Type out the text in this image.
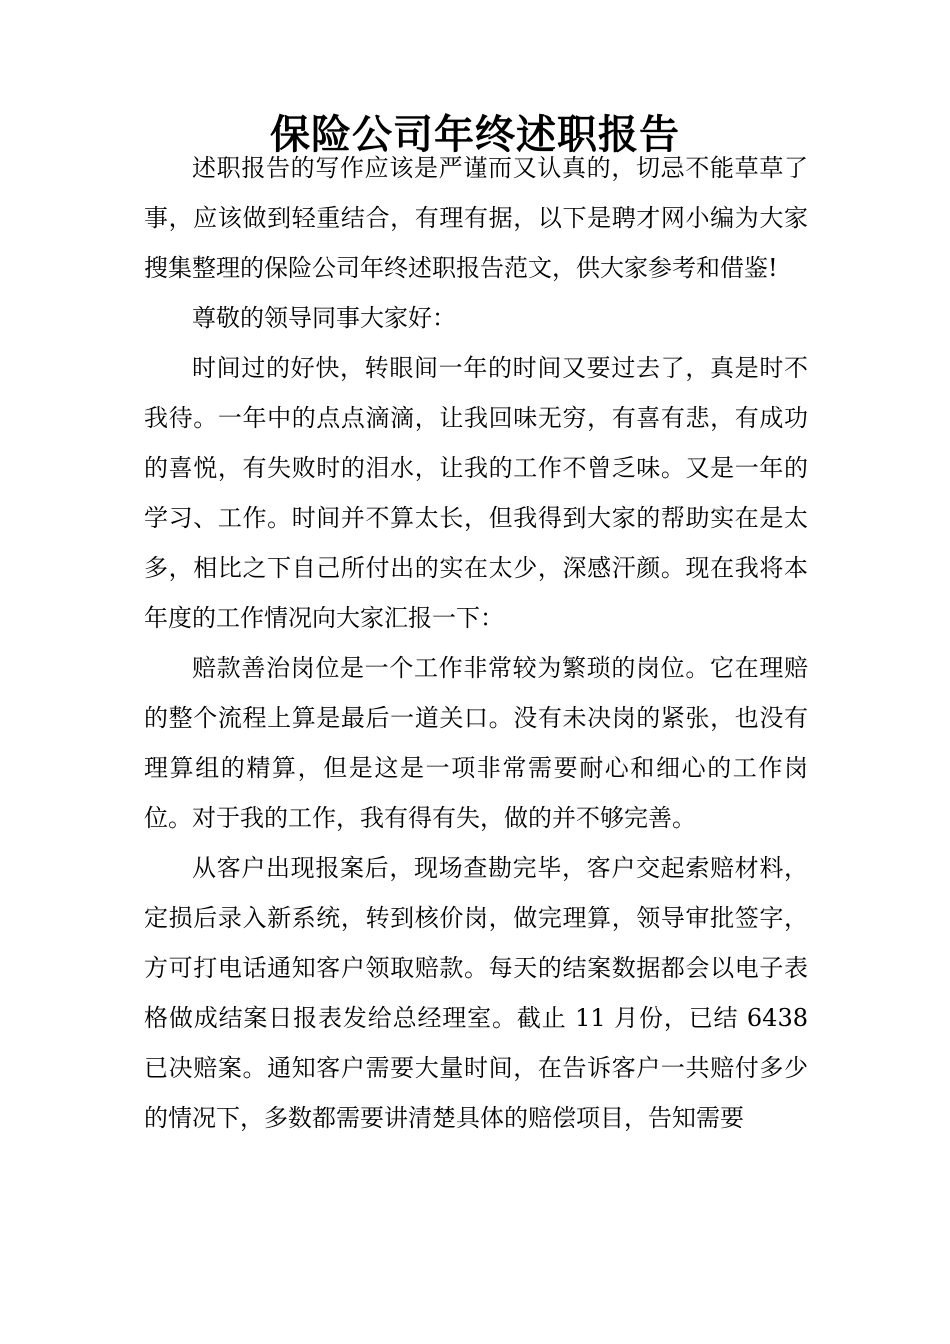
保险公司年终述职报告

述职报告的写作应该是严谨而又认真的，切忌不能草草了事，应该做到轻重结合，有理有据，以下是聘才网小编为大家搜集整理的保险公司年终述职报告范文，供大家参考和借鉴!

尊敬的领导同事大家好：

时间过的好快，转眼间一年的时间又要过去了，真是时不我待。一年中的点点滴滴，让我回味无穷，有喜有悲，有成功的喜悦，有失败时的泪水，让我的工作不曾乏味。又是一年的学习、工作。时间并不算太长，但我得到大家的帮助实在是太多，相比之下自己所付出的实在太少，深感汗颜。现在我将本年度的工作情况向大家汇报一下：

赔款善治岗位是一个工作非常较为繁琐的岗位。它在理赔的整个流程上算是最后一道关口。没有未决岗的紧张，也没有理算组的精算，但是这是一项非常需要耐心和细心的工作岗位。对于我的工作，我有得有失，做的并不够完善。

从客户出现报案后，现场查勘完毕，客户交起索赔材料，定损后录入新系统，转到核价岗，做完理算，领导审批签字，方可打电话通知客户领取赔款。每天的结案数据都会以电子表格做成结案日报表发给总经理室。截止 11 月份，已结 6438 已决赔案。通知客户需要大量时间，在告诉客户一共赔付多少的情况下，多数都需要讲清楚具体的赔偿项目，告知需要
